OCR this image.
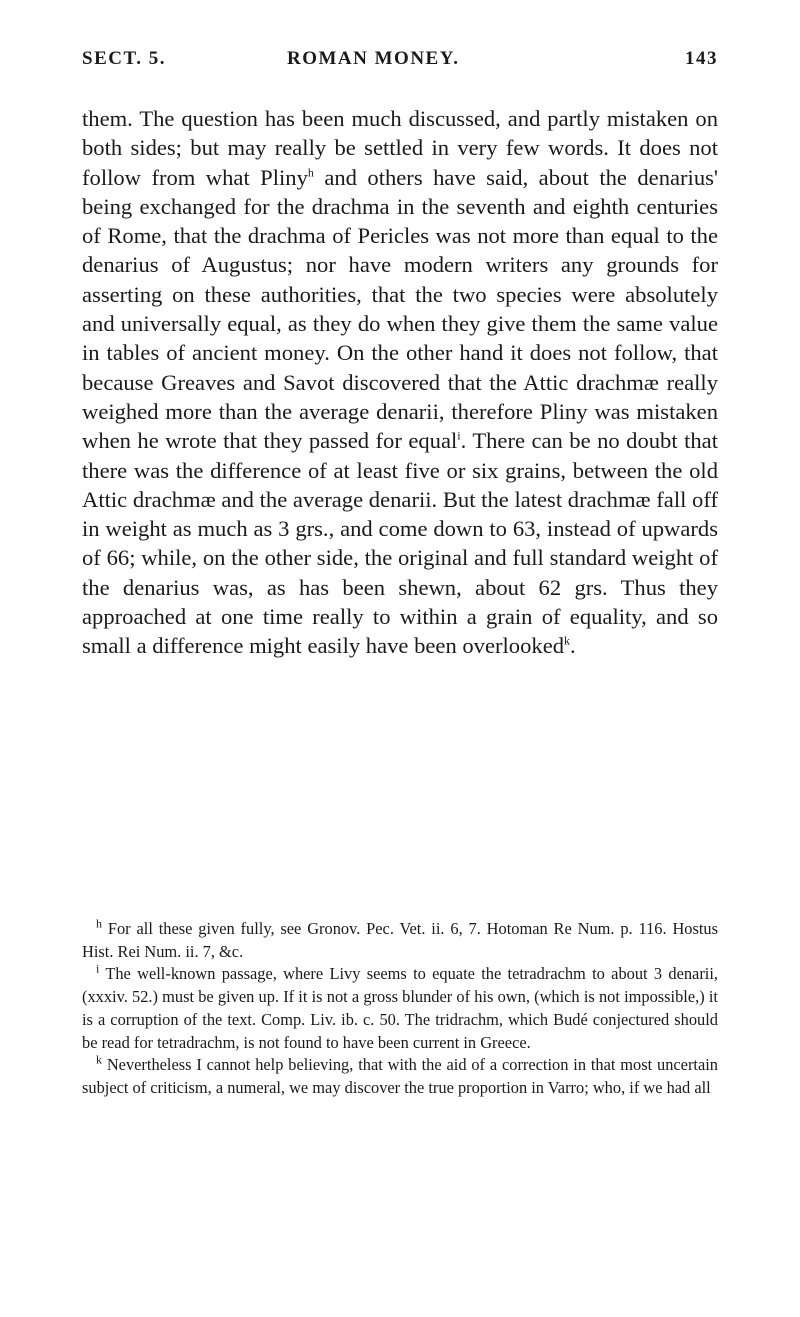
SECT. 5.	ROMAN MONEY.	143

them. The question has been much discussed, and partly mistaken on both sides; but may really be settled in very few words. It does not follow from what Pliny$^h$ and others have said, about the denarius' being exchanged for the drachma in the seventh and eighth centuries of Rome, that the drachma of Pericles was not more than equal to the denarius of Augustus; nor have modern writers any grounds for asserting on these authorities, that the two species were absolutely and universally equal, as they do when they give them the same value in tables of ancient money. On the other hand it does not follow, that because Greaves and Savot discovered that the Attic drachmæ really weighed more than the average denarii, therefore Pliny was mistaken when he wrote that they passed for equal$^i$. There can be no doubt that there was the difference of at least five or six grains, between the old Attic drachmæ and the average denarii. But the latest drachmæ fall off in weight as much as 3 grs., and come down to 63, instead of upwards of 66; while, on the other side, the original and full standard weight of the denarius was, as has been shewn, about 62 grs. Thus they approached at one time really to within a grain of equality, and so small a difference might easily have been overlooked$^k$.

$^h$ For all these given fully, see Gronov. Pec. Vet. ii. 6, 7. Hotoman Re Num. p. 116. Hostus Hist. Rei Num. ii. 7, &c.

$^i$ The well-known passage, where Livy seems to equate the tetradrachm to about 3 denarii, (xxxiv. 52.) must be given up. If it is not a gross blunder of his own, (which is not impossible,) it is a corruption of the text. Comp. Liv. ib. c. 50. The tridrachm, which Budé conjectured should be read for tetradrachm, is not found to have been current in Greece.

$^k$ Nevertheless I cannot help believing, that with the aid of a correction in that most uncertain subject of criticism, a numeral, we may discover the true proportion in Varro; who, if we had all
